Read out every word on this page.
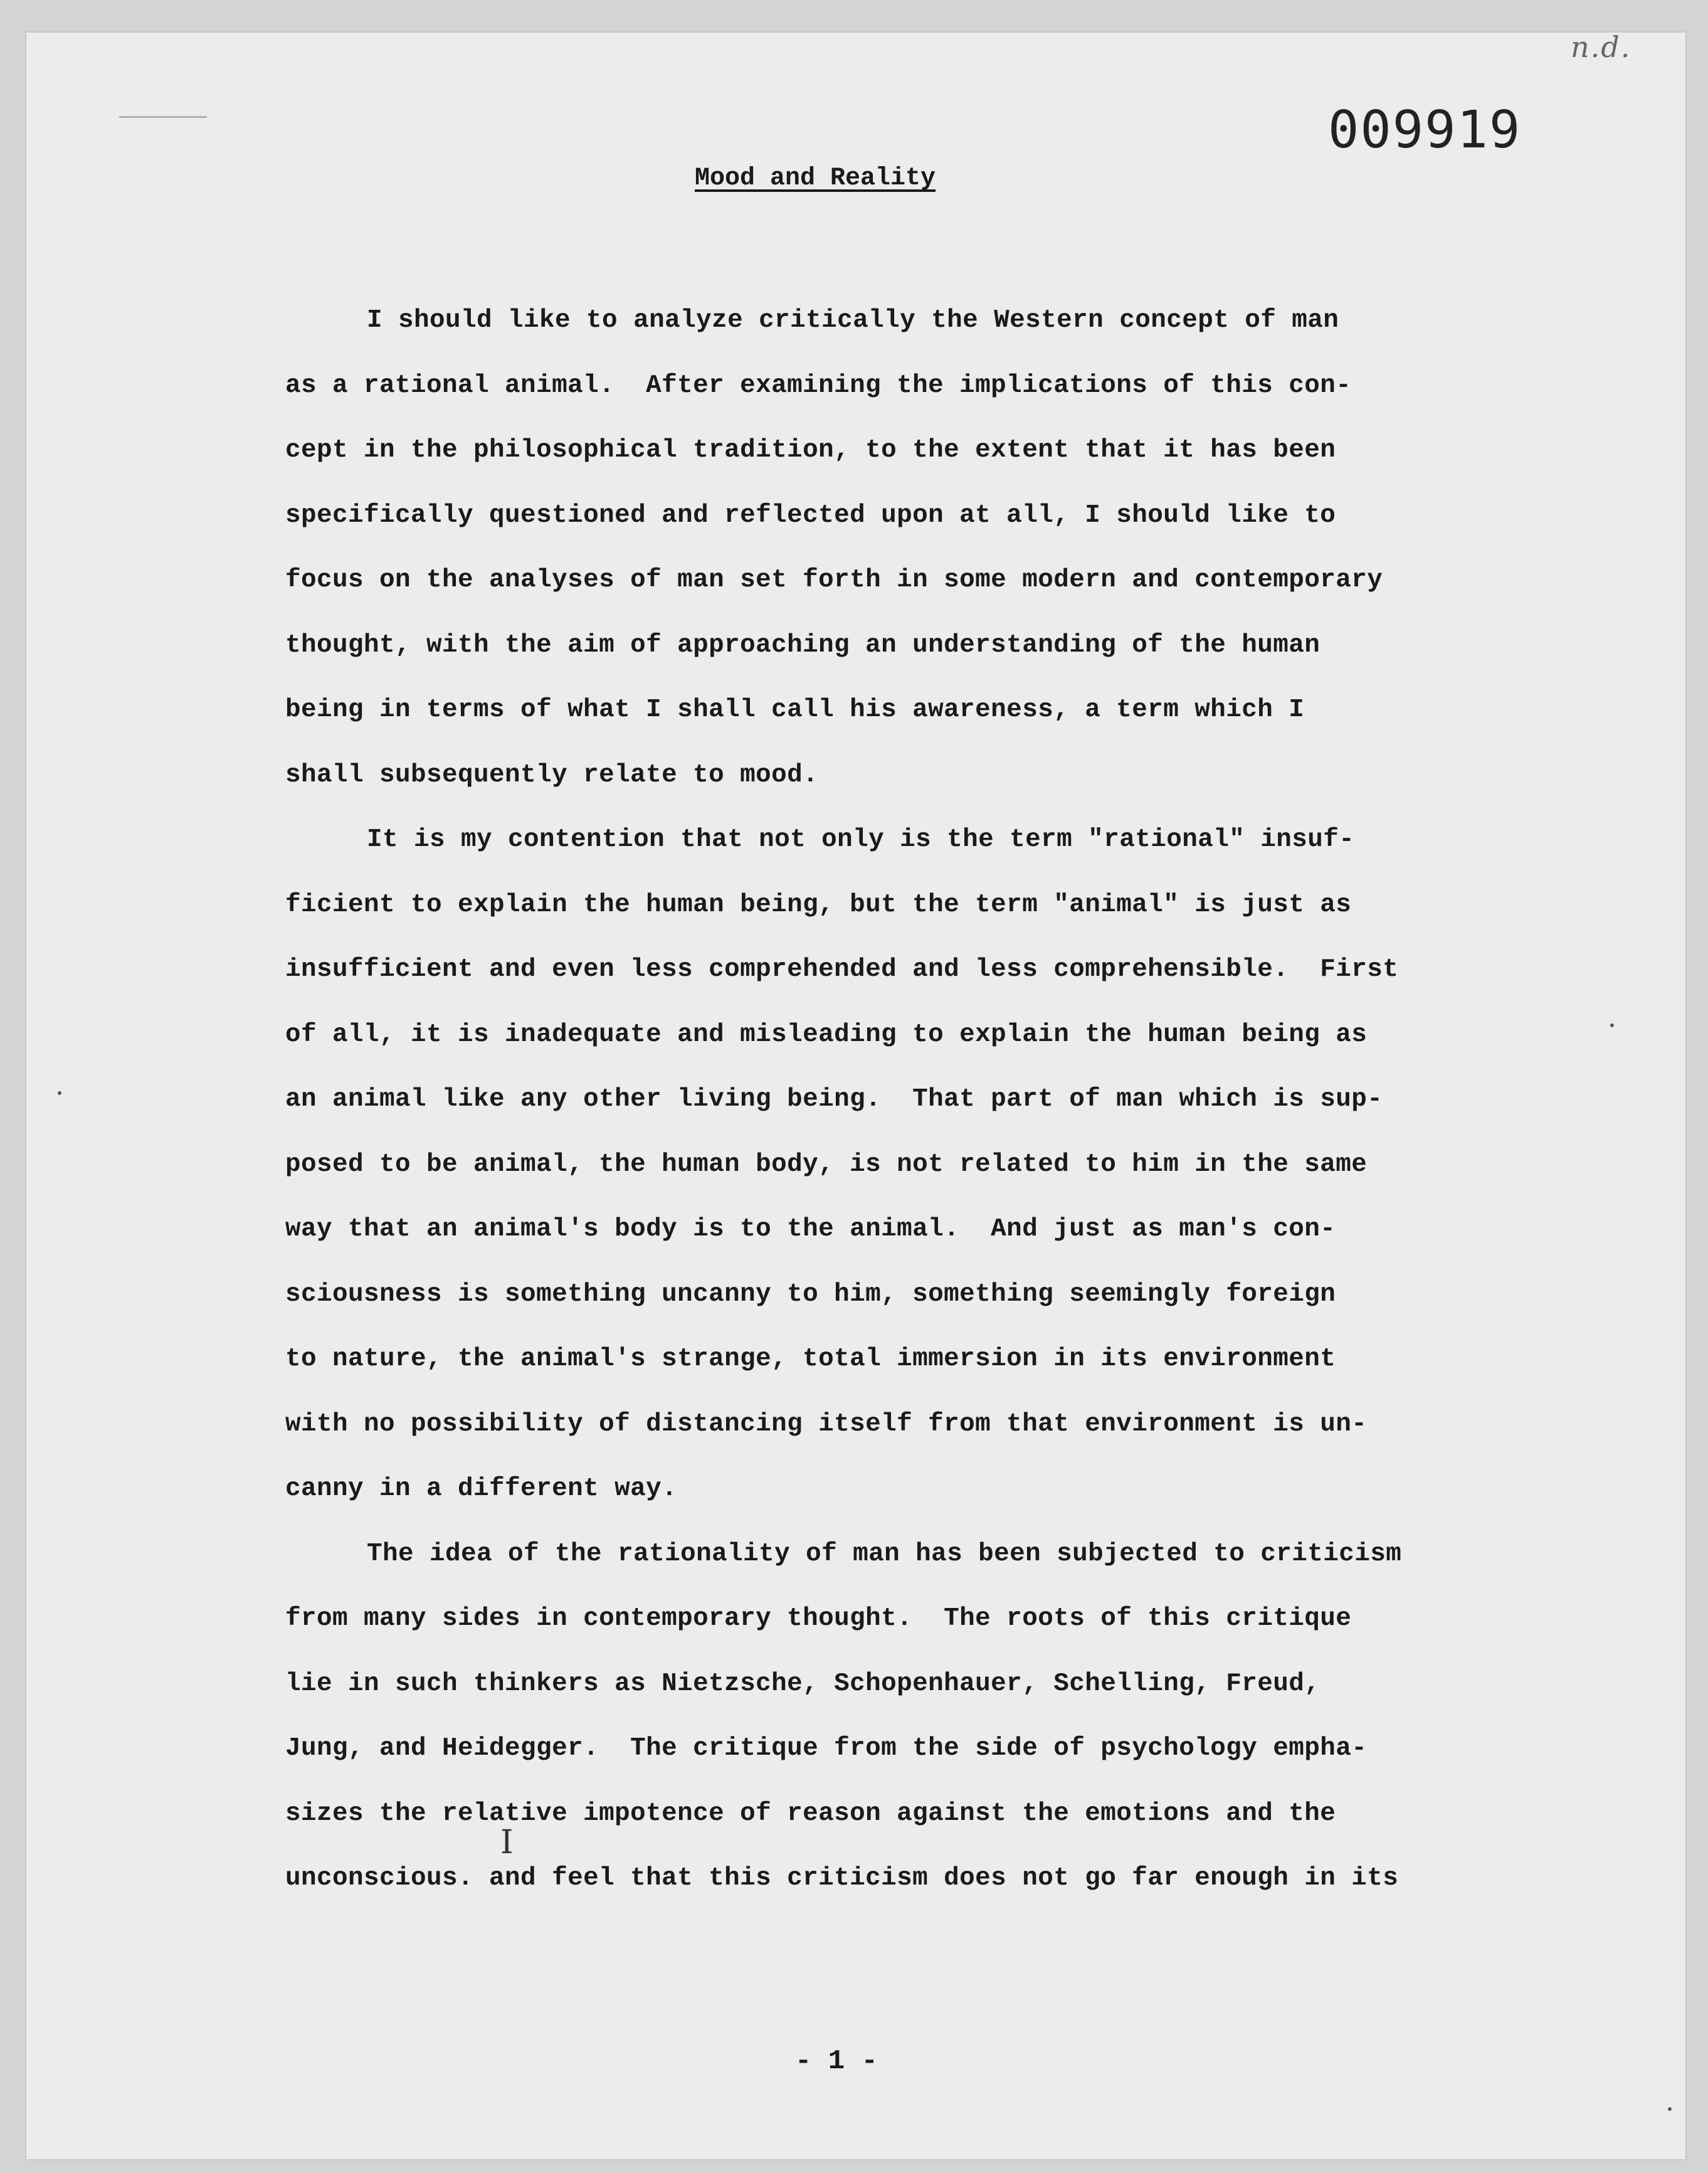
n.d.
009919
Mood and Reality
I should like to analyze critically the Western concept of man
as a rational animal.  After examining the implications of this con-
cept in the philosophical tradition, to the extent that it has been
specifically questioned and reflected upon at all, I should like to
focus on the analyses of man set forth in some modern and contemporary
thought, with the aim of approaching an understanding of the human
being in terms of what I shall call his awareness, a term which I
shall subsequently relate to mood.
It is my contention that not only is the term "rational" insuf-
ficient to explain the human being, but the term "animal" is just as
insufficient and even less comprehended and less comprehensible.  First
of all, it is inadequate and misleading to explain the human being as
an animal like any other living being.  That part of man which is sup-
posed to be animal, the human body, is not related to him in the same
way that an animal's body is to the animal.  And just as man's con-
sciousness is something uncanny to him, something seemingly foreign
to nature, the animal's strange, total immersion in its environment
with no possibility of distancing itself from that environment is un-
canny in a different way.
The idea of the rationality of man has been subjected to criticism
from many sides in contemporary thought.  The roots of this critique
lie in such thinkers as Nietzsche, Schopenhauer, Schelling, Freud,
Jung, and Heidegger.  The critique from the side of psychology empha-
sizes the relative impotence of reason against the emotions and the
unconscious. and feel that this criticism does not go far enough in its
I
- 1 -
